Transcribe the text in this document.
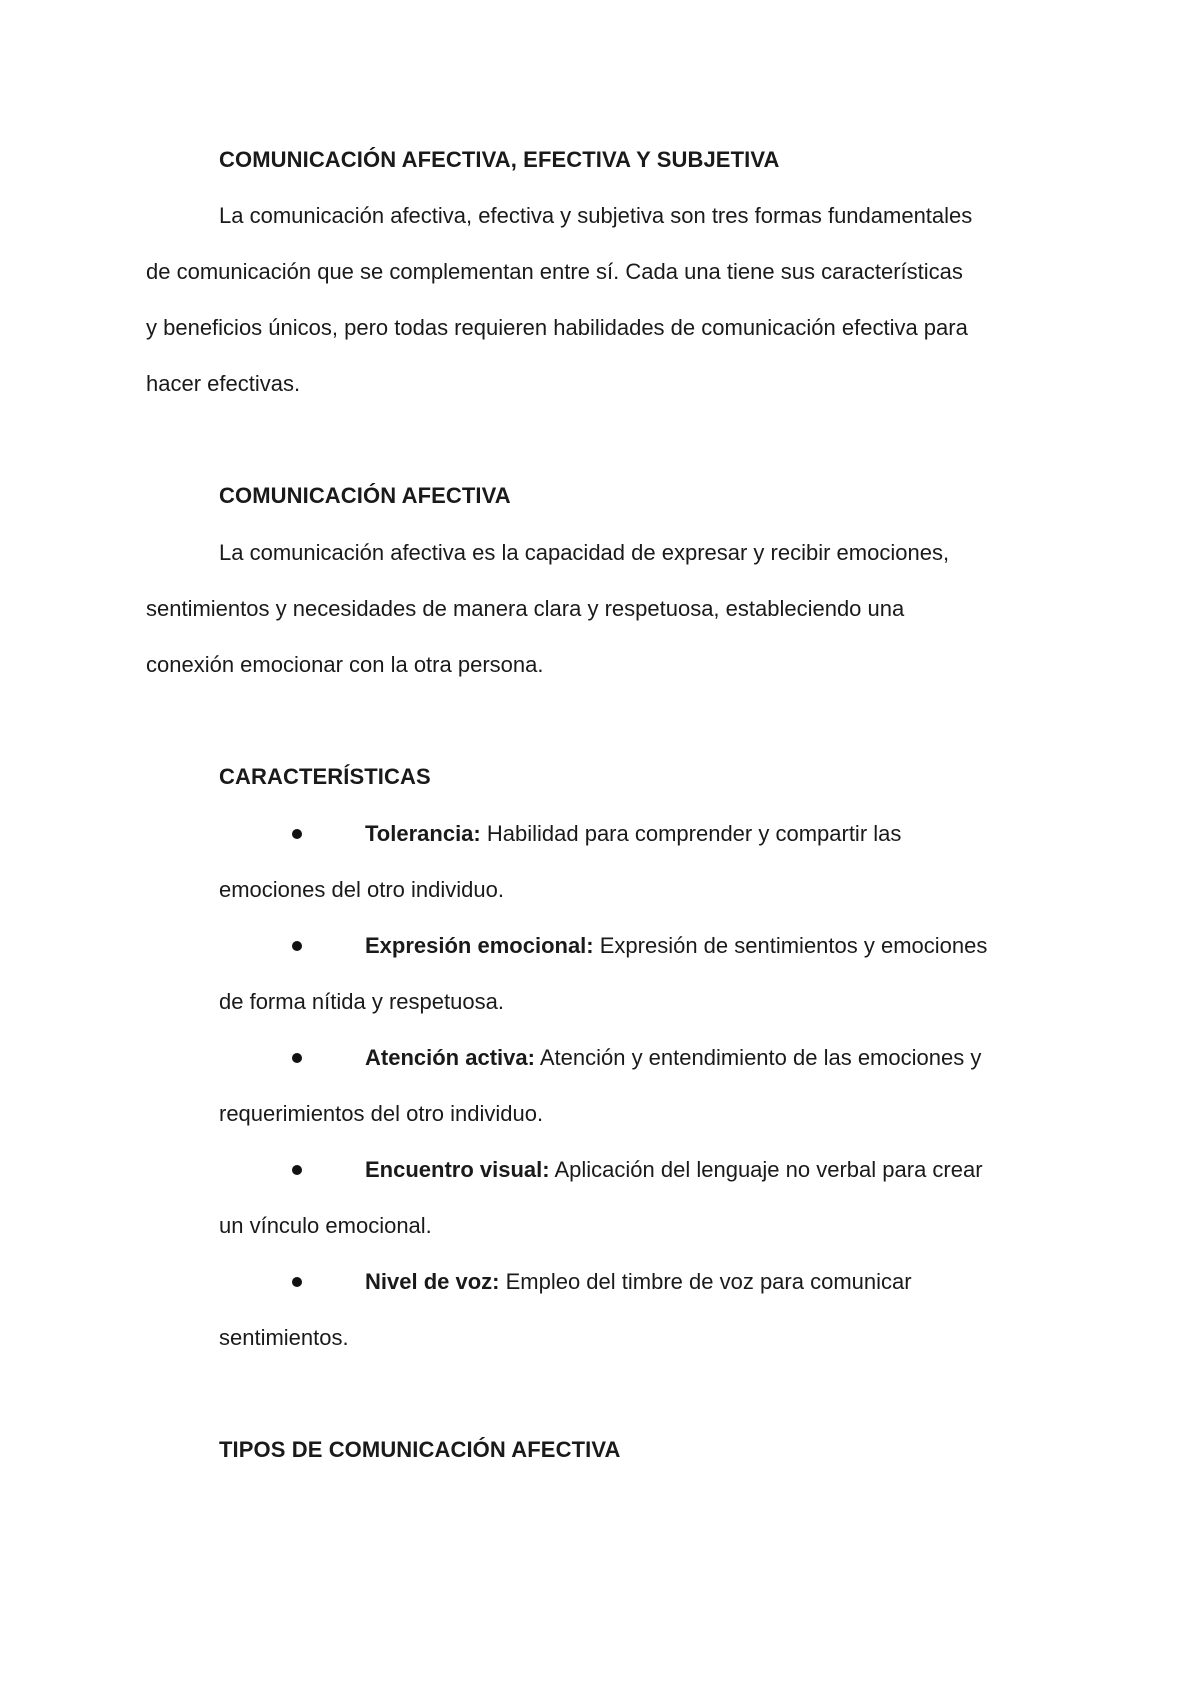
COMUNICACIÓN AFECTIVA, EFECTIVA Y SUBJETIVA
La comunicación afectiva, efectiva y subjetiva son tres formas fundamentales
de comunicación que se complementan entre sí. Cada una tiene sus características
y beneficios únicos, pero todas requieren habilidades de comunicación efectiva para
hacer efectivas.
COMUNICACIÓN AFECTIVA
La comunicación afectiva es la capacidad de expresar y recibir emociones,
sentimientos y necesidades de manera clara y respetuosa, estableciendo una
conexión emocionar con la otra persona.
CARACTERÍSTICAS
Tolerancia: Habilidad para comprender y compartir las
emociones del otro individuo.
Expresión emocional: Expresión de sentimientos y emociones
de forma nítida y respetuosa.
Atención activa: Atención y entendimiento de las emociones y
requerimientos del otro individuo.
Encuentro visual: Aplicación del lenguaje no verbal para crear
un vínculo emocional.
Nivel de voz: Empleo del timbre de voz para comunicar
sentimientos.
TIPOS DE COMUNICACIÓN AFECTIVA
